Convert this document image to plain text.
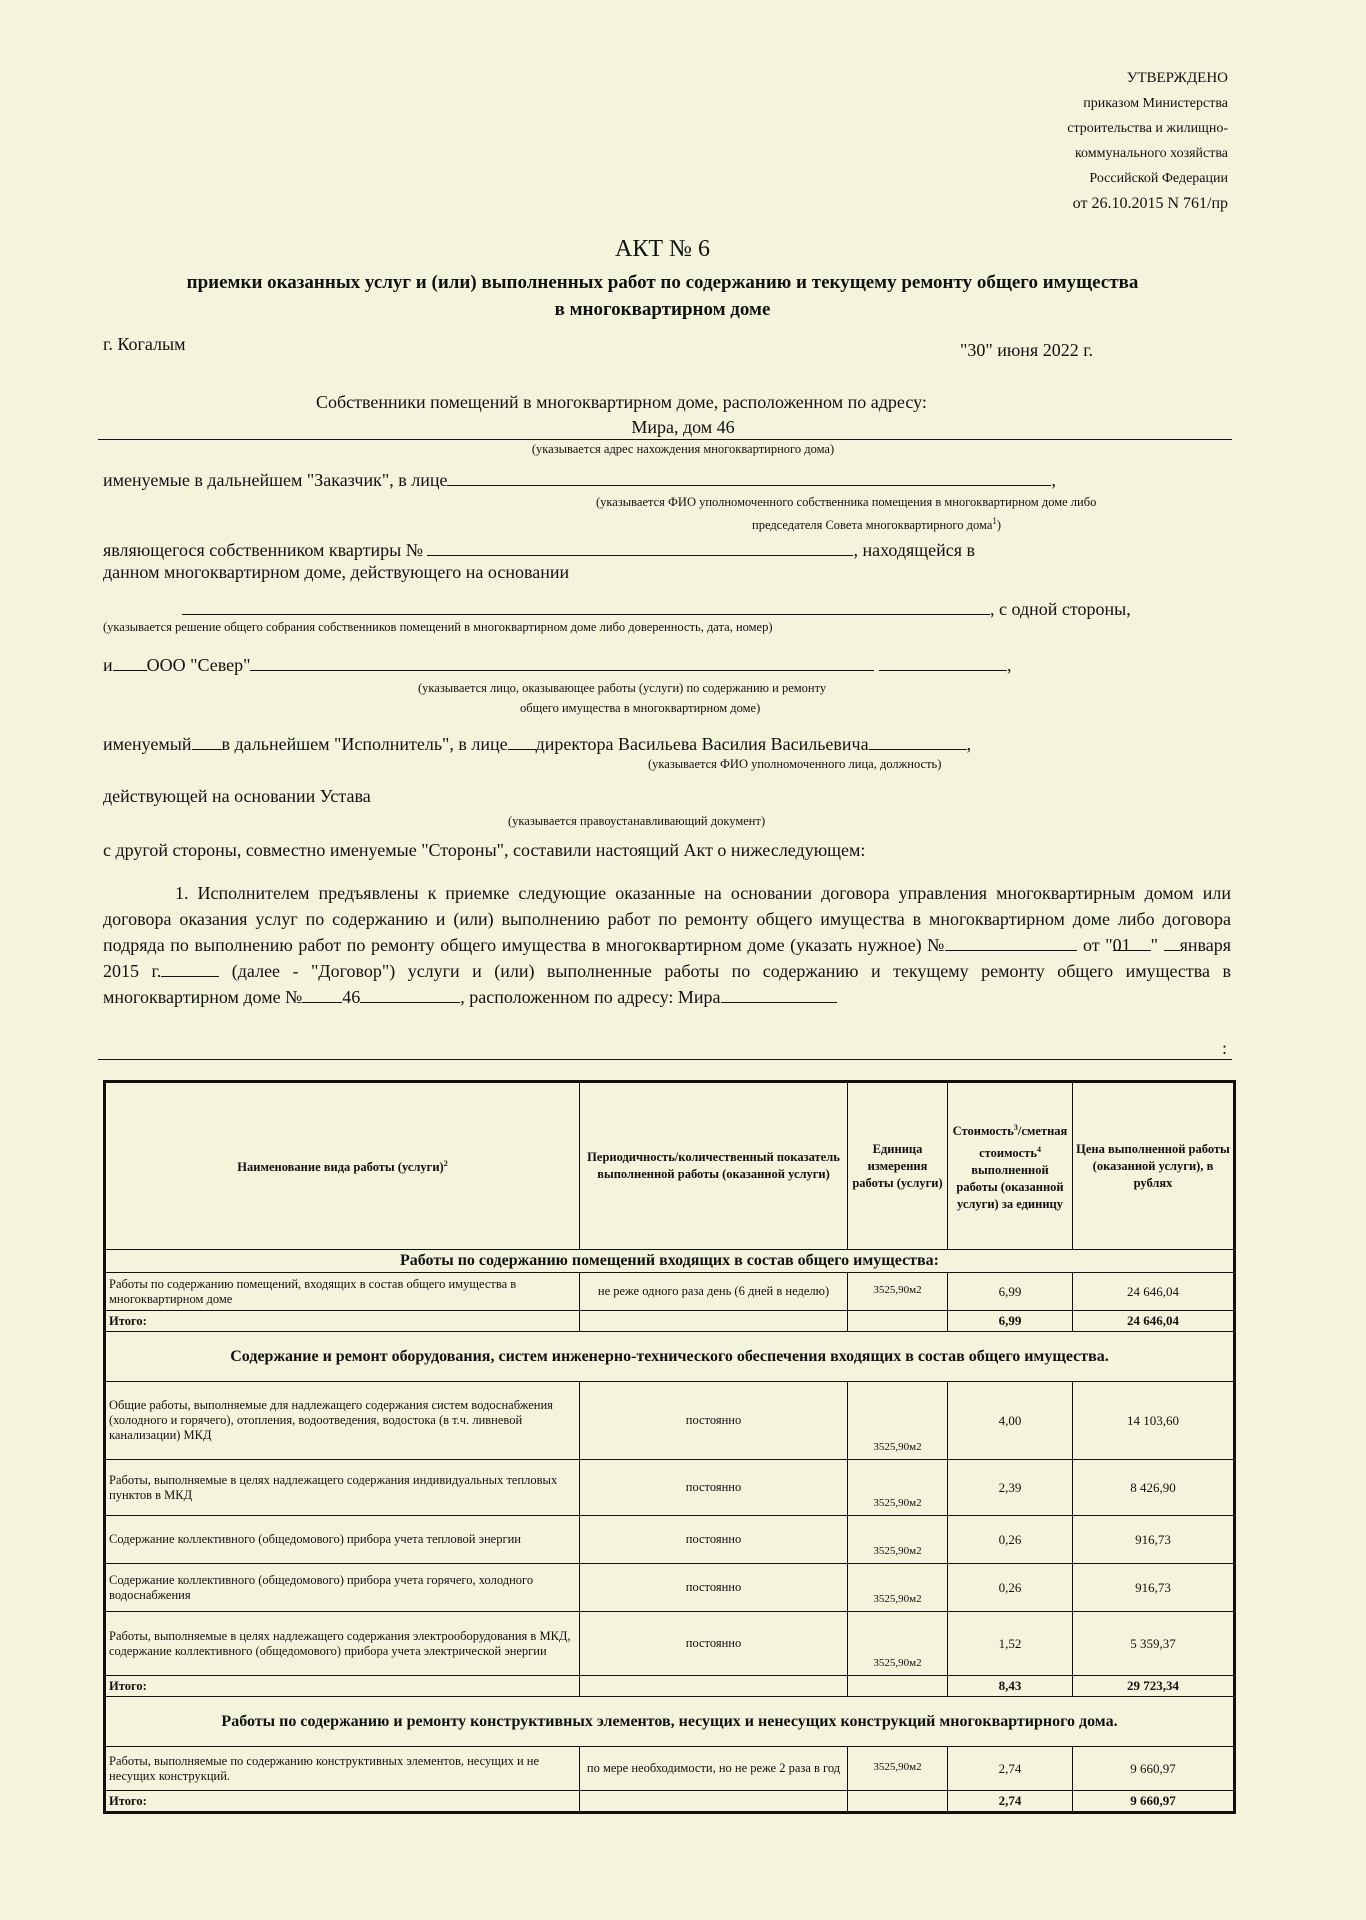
УТВЕРЖДЕНО
приказом Министерства
строительства и жилищно-
коммунального хозяйства
Российской Федерации
от 26.10.2015 N 761/пр
АКТ № 6
приемки оказанных услуг и (или) выполненных работ по содержанию и текущему ремонту общего имущества
в многоквартирном доме
г. Когалым	"30" июня 2022 г.
Собственники помещений в многоквартирном доме, расположенном по адресу:
Мира, дом 46
(указывается адрес нахождения многоквартирного дома)
именуемые в дальнейшем "Заказчик", в лице	,
(указывается ФИО уполномоченного собственника помещения в многоквартирном доме либо
председателя Совета многоквартирного дома$^1$)
являющегося собственником квартиры №	, находящейся в
данном многоквартирном доме, действующего на основании
, с одной стороны,
(указывается решение общего собрания собственников помещений в многоквартирном доме либо доверенность, дата, номер)
и ООО "Север"	,
(указывается лицо, оказывающее работы (услуги) по содержанию и ремонту
общего имущества в многоквартирном доме)
именуемый в дальнейшем "Исполнитель", в лице директора Васильева Василия Васильевича	,
(указывается ФИО уполномоченного лица, должность)
действующей на основании Устава
(указывается правоустанавливающий документ)
с другой стороны, совместно именуемые "Стороны", составили настоящий Акт о нижеследующем:
1. Исполнителем предъявлены к приемке следующие оказанные на основании договора управления многоквартирным домом или договора оказания услуг по содержанию и (или) выполнению работ по ремонту общего имущества в многоквартирном доме либо договора подряда по выполнению работ по ремонту общего имущества в многоквартирном доме (указать нужное) №	от "01 " января 2015 г.	(далее - "Договор") услуги и (или) выполненные работы по содержанию и текущему ремонту общего имущества в многоквартирном доме № 46	, расположенном по адресу: Мира
:
Наименование вида работы (услуги)$^2$	Периодичность/количественный показатель выполненной работы (оказанной услуги)	Единица измерения работы (услуги)	Стоимость$^3$/сметная стоимость$^4$ выполненной работы (оказанной услуги) за единицу	Цена выполненной работы (оказанной услуги), в рублях
Работы по содержанию помещений входящих в состав общего имущества:				
Работы по содержанию помещений, входящих в состав общего имущества в многоквартирном доме	не реже одного раза день (6 дней в неделю)	3525,90м2	6,99	24 646,04
Итого:			6,99	24 646,04
Содержание и ремонт оборудования, систем инженерно-технического обеспечения входящих в состав общего имущества.				
Общие работы, выполняемые для надлежащего содержания систем водоснабжения (холодного и горячего), отопления, водоотведения, водостока (в т.ч. ливневой канализации) МКД	постоянно	3525,90м2	4,00	14 103,60
Работы, выполняемые в целях надлежащего содержания индивидуальных тепловых пунктов в МКД	постоянно	3525,90м2	2,39	8 426,90
Содержание коллективного (общедомового) прибора учета тепловой энергии	постоянно	3525,90м2	0,26	916,73
Содержание коллективного (общедомового) прибора учета горячего, холодного водоснабжения	постоянно	3525,90м2	0,26	916,73
Работы, выполняемые в целях надлежащего содержания электрооборудования в МКД, содержание коллективного (общедомового) прибора учета электрической энергии	постоянно	3525,90м2	1,52	5 359,37
Итого:			8,43	29 723,34
Работы по содержанию и ремонту конструктивных элементов, несущих и ненесущих конструкций многоквартирного дома.				
Работы, выполняемые по содержанию конструктивных элементов, несущих и не несущих конструкций.	по мере необходимости, но не реже 2 раза в год	3525,90м2	2,74	9 660,97
Итого:			2,74	9 660,97
